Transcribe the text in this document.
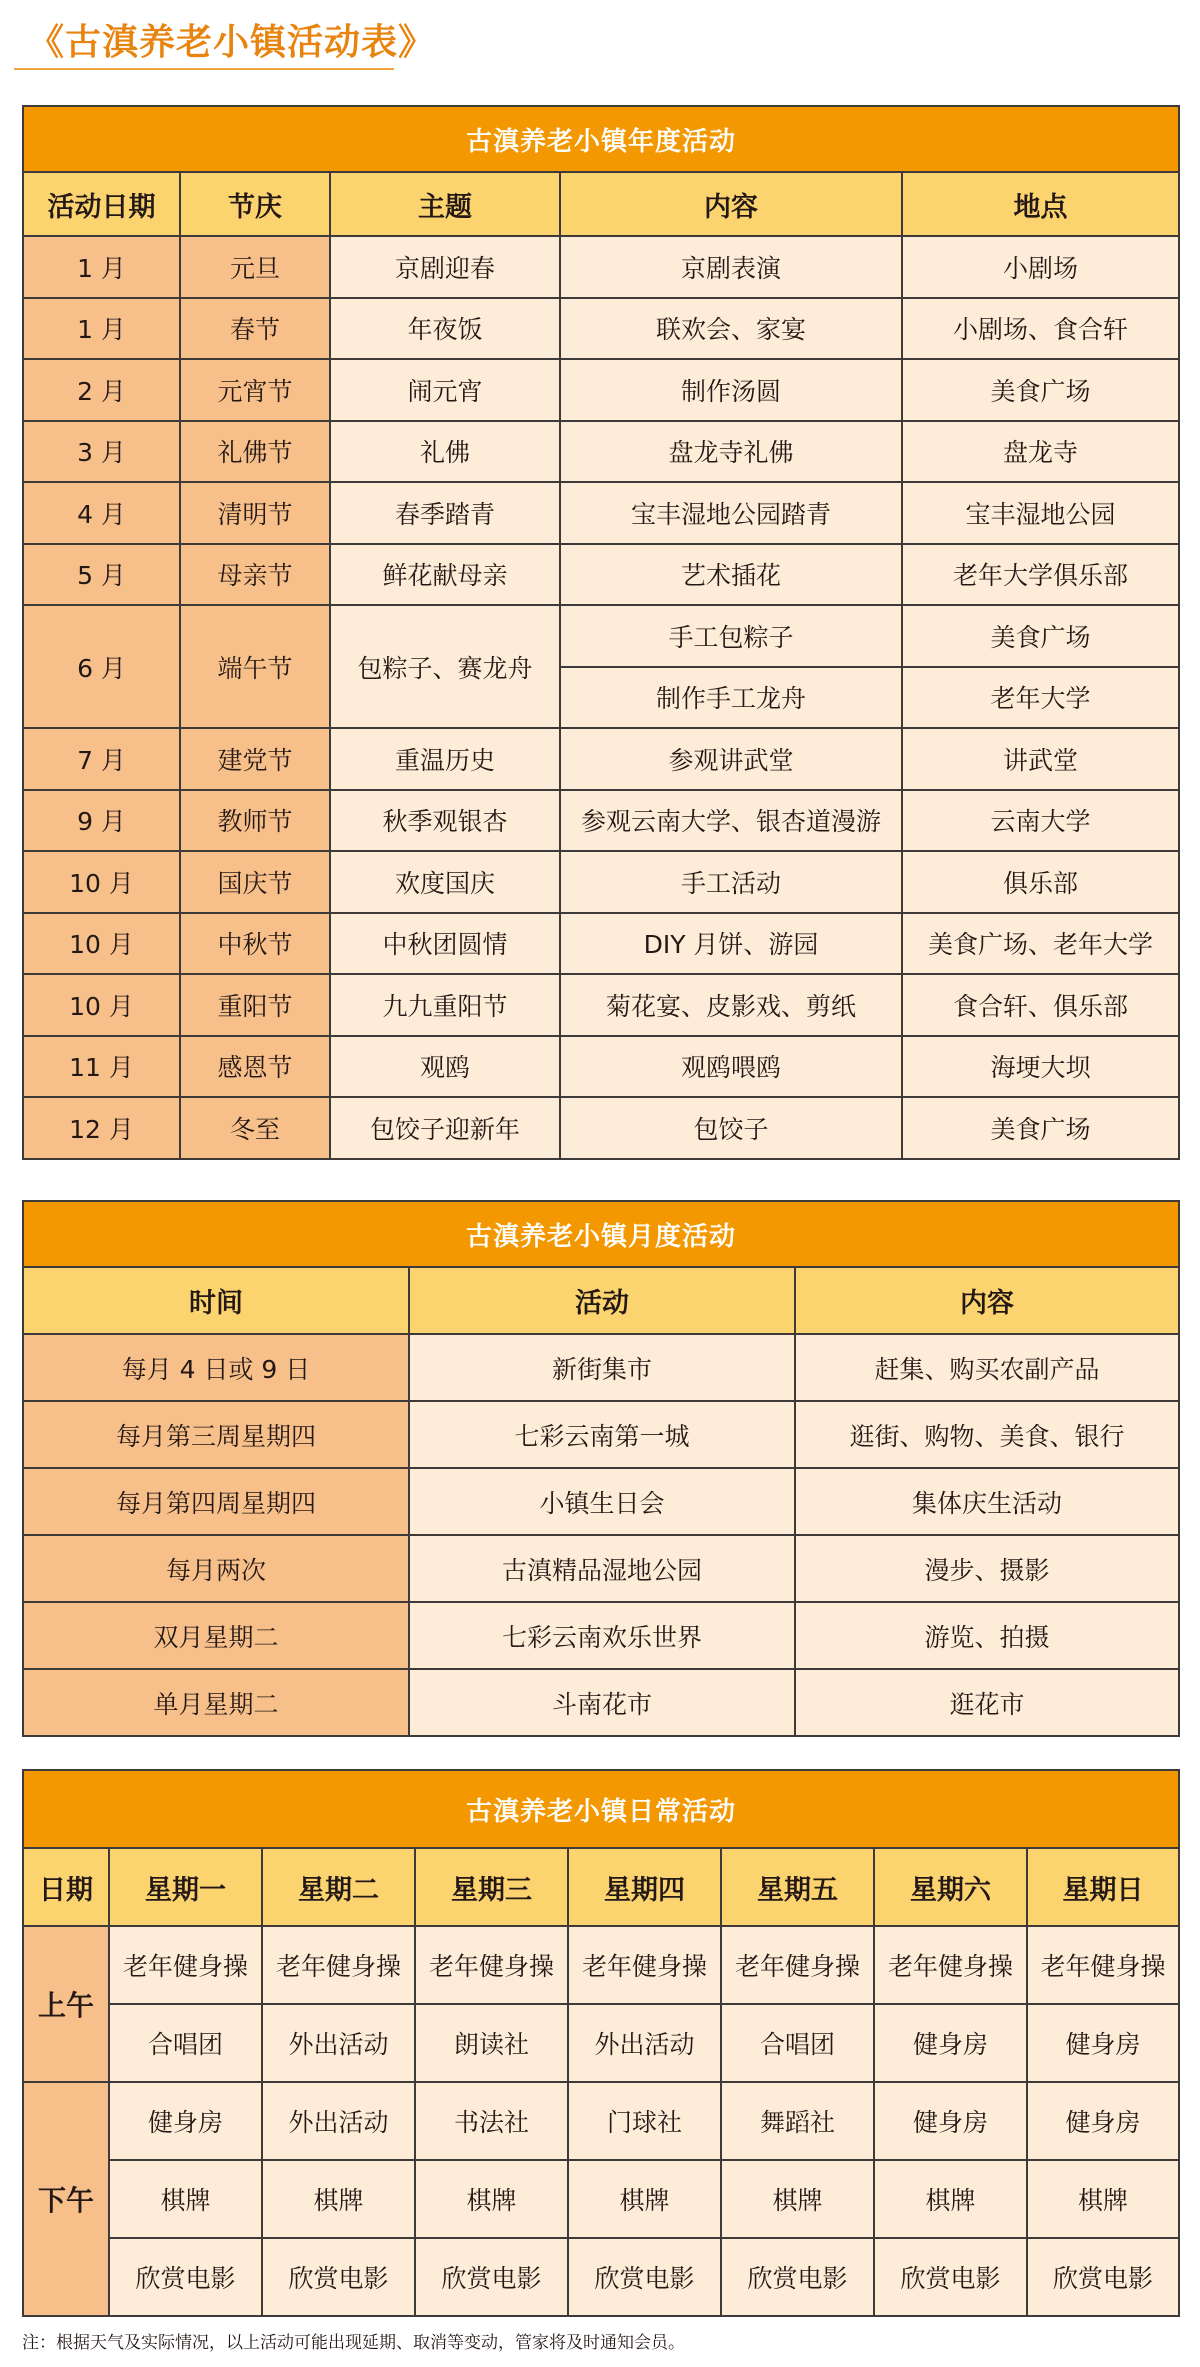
《古滇养老小镇活动表》
古滇养老小镇年度活动				
活动日期	节庆	主题	内容	地点
1 月	元旦	京剧迎春	京剧表演	小剧场
1 月	春节	年夜饭	联欢会、家宴	小剧场、食合轩
2 月	元宵节	闹元宵	制作汤圆	美食广场
3 月	礼佛节	礼佛	盘龙寺礼佛	盘龙寺
4 月	清明节	春季踏青	宝丰湿地公园踏青	宝丰湿地公园
5 月	母亲节	鲜花献母亲	艺术插花	老年大学俱乐部
6 月	端午节	包粽子、赛龙舟	手工包粽子	美食广场
			制作手工龙舟	老年大学
7 月	建党节	重温历史	参观讲武堂	讲武堂
9 月	教师节	秋季观银杏	参观云南大学、银杏道漫游	云南大学
10 月	国庆节	欢度国庆	手工活动	俱乐部
10 月	中秋节	中秋团圆情	DIY 月饼、游园	美食广场、老年大学
10 月	重阳节	九九重阳节	菊花宴、皮影戏、剪纸	食合轩、俱乐部
11 月	感恩节	观鸥	观鸥喂鸥	海埂大坝
12 月	冬至	包饺子迎新年	包饺子	美食广场
古滇养老小镇月度活动		
时间	活动	内容
每月 4 日或 9 日	新街集市	赶集、购买农副产品
每月第三周星期四	七彩云南第一城	逛街、购物、美食、银行
每月第四周星期四	小镇生日会	集体庆生活动
每月两次	古滇精品湿地公园	漫步、摄影
双月星期二	七彩云南欢乐世界	游览、拍摄
单月星期二	斗南花市	逛花市
古滇养老小镇日常活动							
日期	星期一	星期二	星期三	星期四	星期五	星期六	星期日
上午	老年健身操	老年健身操	老年健身操	老年健身操	老年健身操	老年健身操	老年健身操
	合唱团	外出活动	朗读社	外出活动	合唱团	健身房	健身房
下午	健身房	外出活动	书法社	门球社	舞蹈社	健身房	健身房
	棋牌	棋牌	棋牌	棋牌	棋牌	棋牌	棋牌
	欣赏电影	欣赏电影	欣赏电影	欣赏电影	欣赏电影	欣赏电影	欣赏电影
注：根据天气及实际情况，以上活动可能出现延期、取消等变动，管家将及时通知会员。
